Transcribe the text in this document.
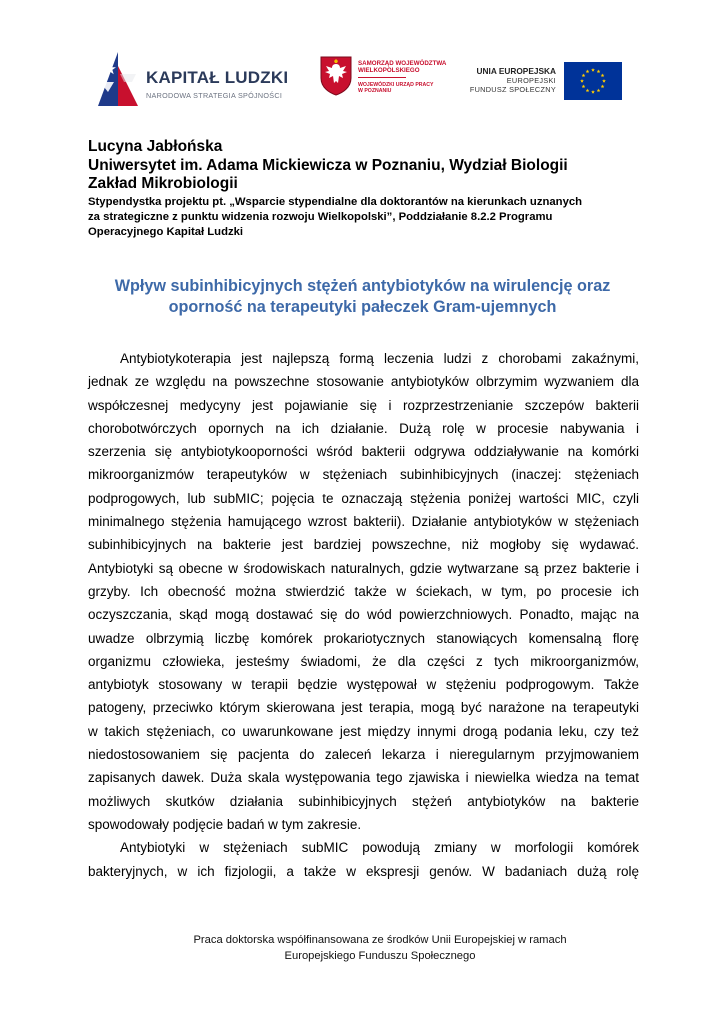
KAPITAŁ LUDZKI
NARODOWA STRATEGIA SPÓJNOŚCI
SAMORZĄD WOJEWÓDZTWA
WIELKOPOLSKIEGO
WOJEWÓDZKI URZĄD PRACY
W POZNANIU
UNIA EUROPEJSKA
EUROPEJSKI
FUNDUSZ SPOŁECZNY
Lucyna Jabłońska
Uniwersytet im. Adama Mickiewicza w Poznaniu, Wydział Biologii
Zakład Mikrobiologii
Stypendystka projektu pt. „Wsparcie stypendialne dla doktorantów na kierunkach uznanych
za strategiczne z punktu widzenia rozwoju Wielkopolski”, Poddziałanie 8.2.2 Programu
Operacyjnego Kapitał Ludzki
Wpływ subinhibicyjnych stężeń antybiotyków na wirulencję oraz
oporność na terapeutyki pałeczek Gram-ujemnych

Antybiotykoterapia jest najlepszą formą leczenia ludzi z chorobami zakaźnymi,
jednak ze względu na powszechne stosowanie antybiotyków olbrzymim wyzwaniem dla
współczesnej medycyny jest pojawianie się i rozprzestrzenianie szczepów bakterii
chorobotwórczych opornych na ich działanie. Dużą rolę w procesie nabywania i
szerzenia się antybiotykooporności wśród bakterii odgrywa oddziaływanie na komórki
mikroorganizmów terapeutyków w stężeniach subinhibicyjnych (inaczej: stężeniach
podprogowych, lub subMIC; pojęcia te oznaczają stężenia poniżej wartości MIC, czyli
minimalnego stężenia hamującego wzrost bakterii). Działanie antybiotyków w stężeniach
subinhibicyjnych na bakterie jest bardziej powszechne, niż mogłoby się wydawać.
Antybiotyki są obecne w środowiskach naturalnych, gdzie wytwarzane są przez bakterie i
grzyby. Ich obecność można stwierdzić także w ściekach, w tym, po procesie ich
oczyszczania, skąd mogą dostawać się do wód powierzchniowych. Ponadto, mając na
uwadze olbrzymią liczbę komórek prokariotycznych stanowiących komensalną florę
organizmu człowieka, jesteśmy świadomi, że dla części z tych mikroorganizmów,
antybiotyk stosowany w terapii będzie występował w stężeniu podprogowym. Także
patogeny, przeciwko którym skierowana jest terapia, mogą być narażone na terapeutyki
w takich stężeniach, co uwarunkowane jest między innymi drogą podania leku, czy też
niedostosowaniem się pacjenta do zaleceń lekarza i nieregularnym przyjmowaniem
zapisanych dawek. Duża skala występowania tego zjawiska i niewielka wiedza na temat
możliwych skutków działania subinhibicyjnych stężeń antybiotyków na bakterie
spowodowały podjęcie badań w tym zakresie.

Antybiotyki w stężeniach subMIC powodują zmiany w morfologii komórek
bakteryjnych, w ich fizjologii, a także w ekspresji genów. W badaniach dużą rolę

Praca doktorska współfinansowana ze środków Unii Europejskiej w ramach
Europejskiego Funduszu Społecznego
